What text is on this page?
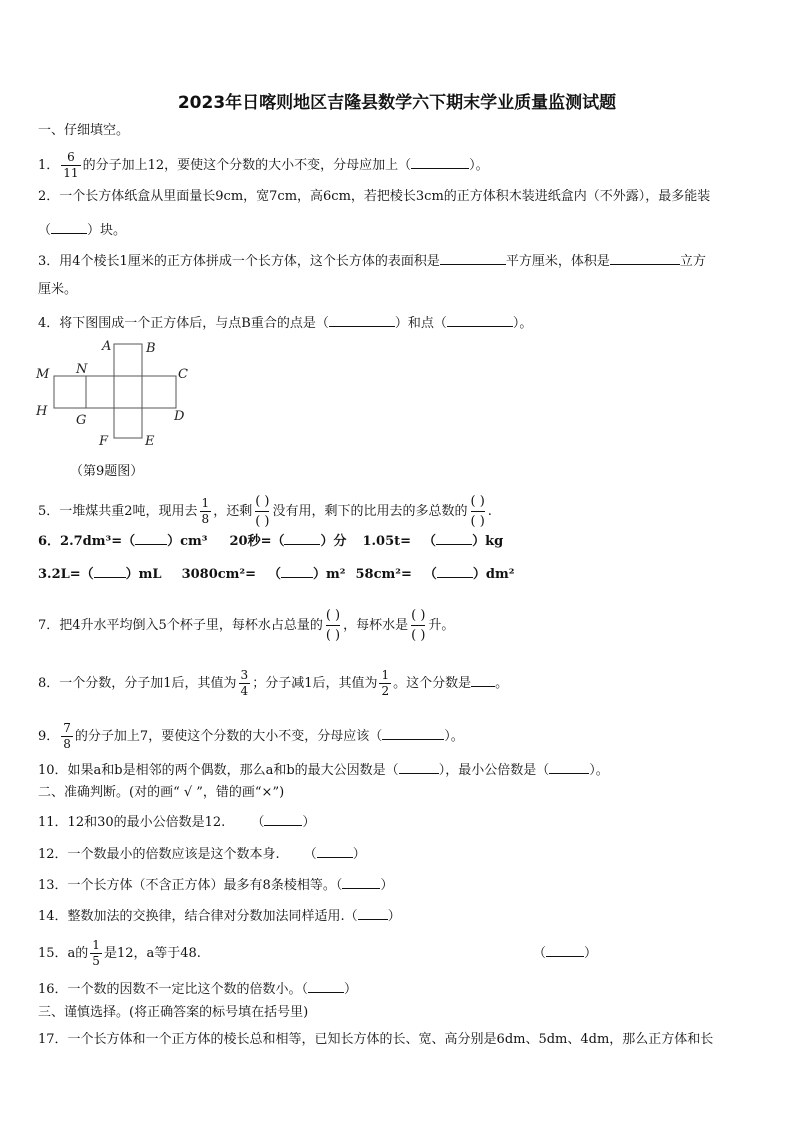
2023年日喀则地区吉隆县数学六下期末学业质量监测试题
一、仔细填空。
1． $\frac{6}{11}$ 的分子加上12，要使这个分数的大小不变，分母应加上（	）。
2．一个长方体纸盒从里面量长9cm，宽7cm，高6cm，若把棱长3cm的正方体积木装进纸盒内（不外露），最多能装
（	）块。
3．用4个棱长1厘米的正方体拼成一个长方体，这个长方体的表面积是	平方厘米，体积是	立方
厘米。
4．将下图围成一个正方体后，与点B重合的点是（	）和点（	）。
A	B
M N	C
H
G	D
F	E
（第9题图）
5．一堆煤共重2吨，现用去 $\frac{1}{8}$ ，还剩
( )
( )
没有用，剩下的比用去的多总数的
( )
( )
.
6．2.7dm³=（ ）cm³ 20秒=（	）分 1.05t= （	）kg
3.2L=（ ）mL 3080cm²= （ ）m² 58cm²= （	）dm²
7．把4升水平均倒入5个杯子里，每杯水占总量的
( )
( )
，每杯水是
( )
( )
升。
8．一个分数，分子加1后，其值为 $\frac{3}{4}$ ；分子减1后，其值为 $\frac{1}{2}$ 。这个分数是 。
9． $\frac{7}{8}$ 的分子加上7，要使这个分数的大小不变，分母应该（	）。
10．如果a和b是相邻的两个偶数，那么a和b的最大公因数是（	），最小公倍数是（	）。
二、准确判断。(对的画“ √ ”，错的画“×”)
11．12和30的最小公倍数是12. （	）
12．一个数最小的倍数应该是这个数本身. （	）
13．一个长方体（不含正方体）最多有8条棱相等。（	）
14．整数加法的交换律，结合律对分数加法同样适用.（ ）
15．a的 $\frac{1}{5}$ 是12，a等于48.	（	）
16．一个数的因数不一定比这个数的倍数小。（	）
三、谨慎选择。(将正确答案的标号填在括号里)
17．一个长方体和一个正方体的棱长总和相等，已知长方体的长、宽、高分别是6dm、5dm、4dm，那么正方体和长
